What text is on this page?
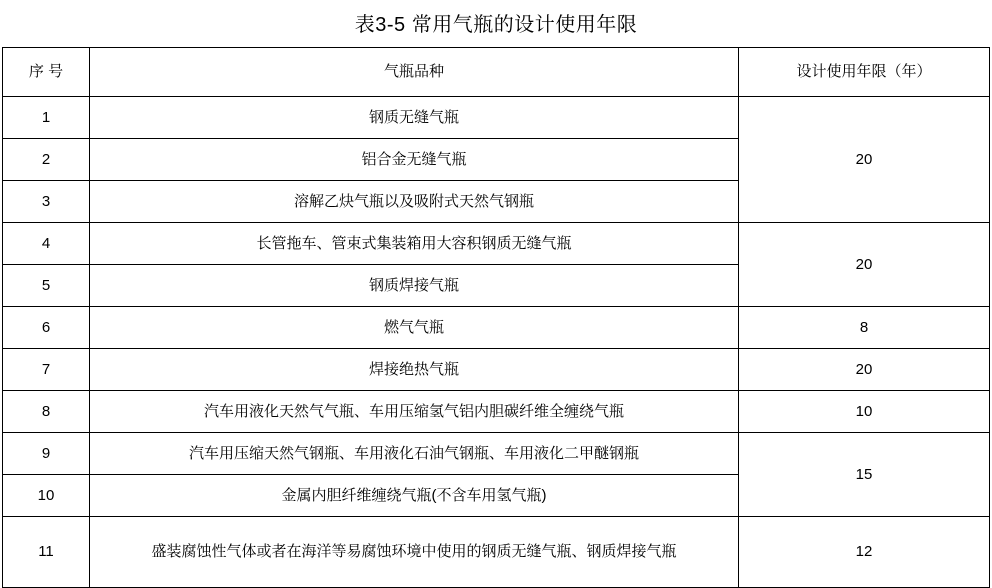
表3-5 常用气瓶的设计使用年限
序 号	气瓶品种	设计使用年限（年）
1	钢质无缝气瓶	20
2	铝合金无缝气瓶	
3	溶解乙炔气瓶以及吸附式天然气钢瓶	
4	长管拖车、管束式集装箱用大容积钢质无缝气瓶	20
5	钢质焊接气瓶	
6	燃气气瓶	8
7	焊接绝热气瓶	20
8	汽车用液化天然气气瓶、车用压缩氢气铝内胆碳纤维全缠绕气瓶	10
9	汽车用压缩天然气钢瓶、车用液化石油气钢瓶、车用液化二甲醚钢瓶	15
10	金属内胆纤维缠绕气瓶(不含车用氢气瓶)	
11	盛装腐蚀性气体或者在海洋等易腐蚀环境中使用的钢质无缝气瓶、钢质焊接气瓶	12
